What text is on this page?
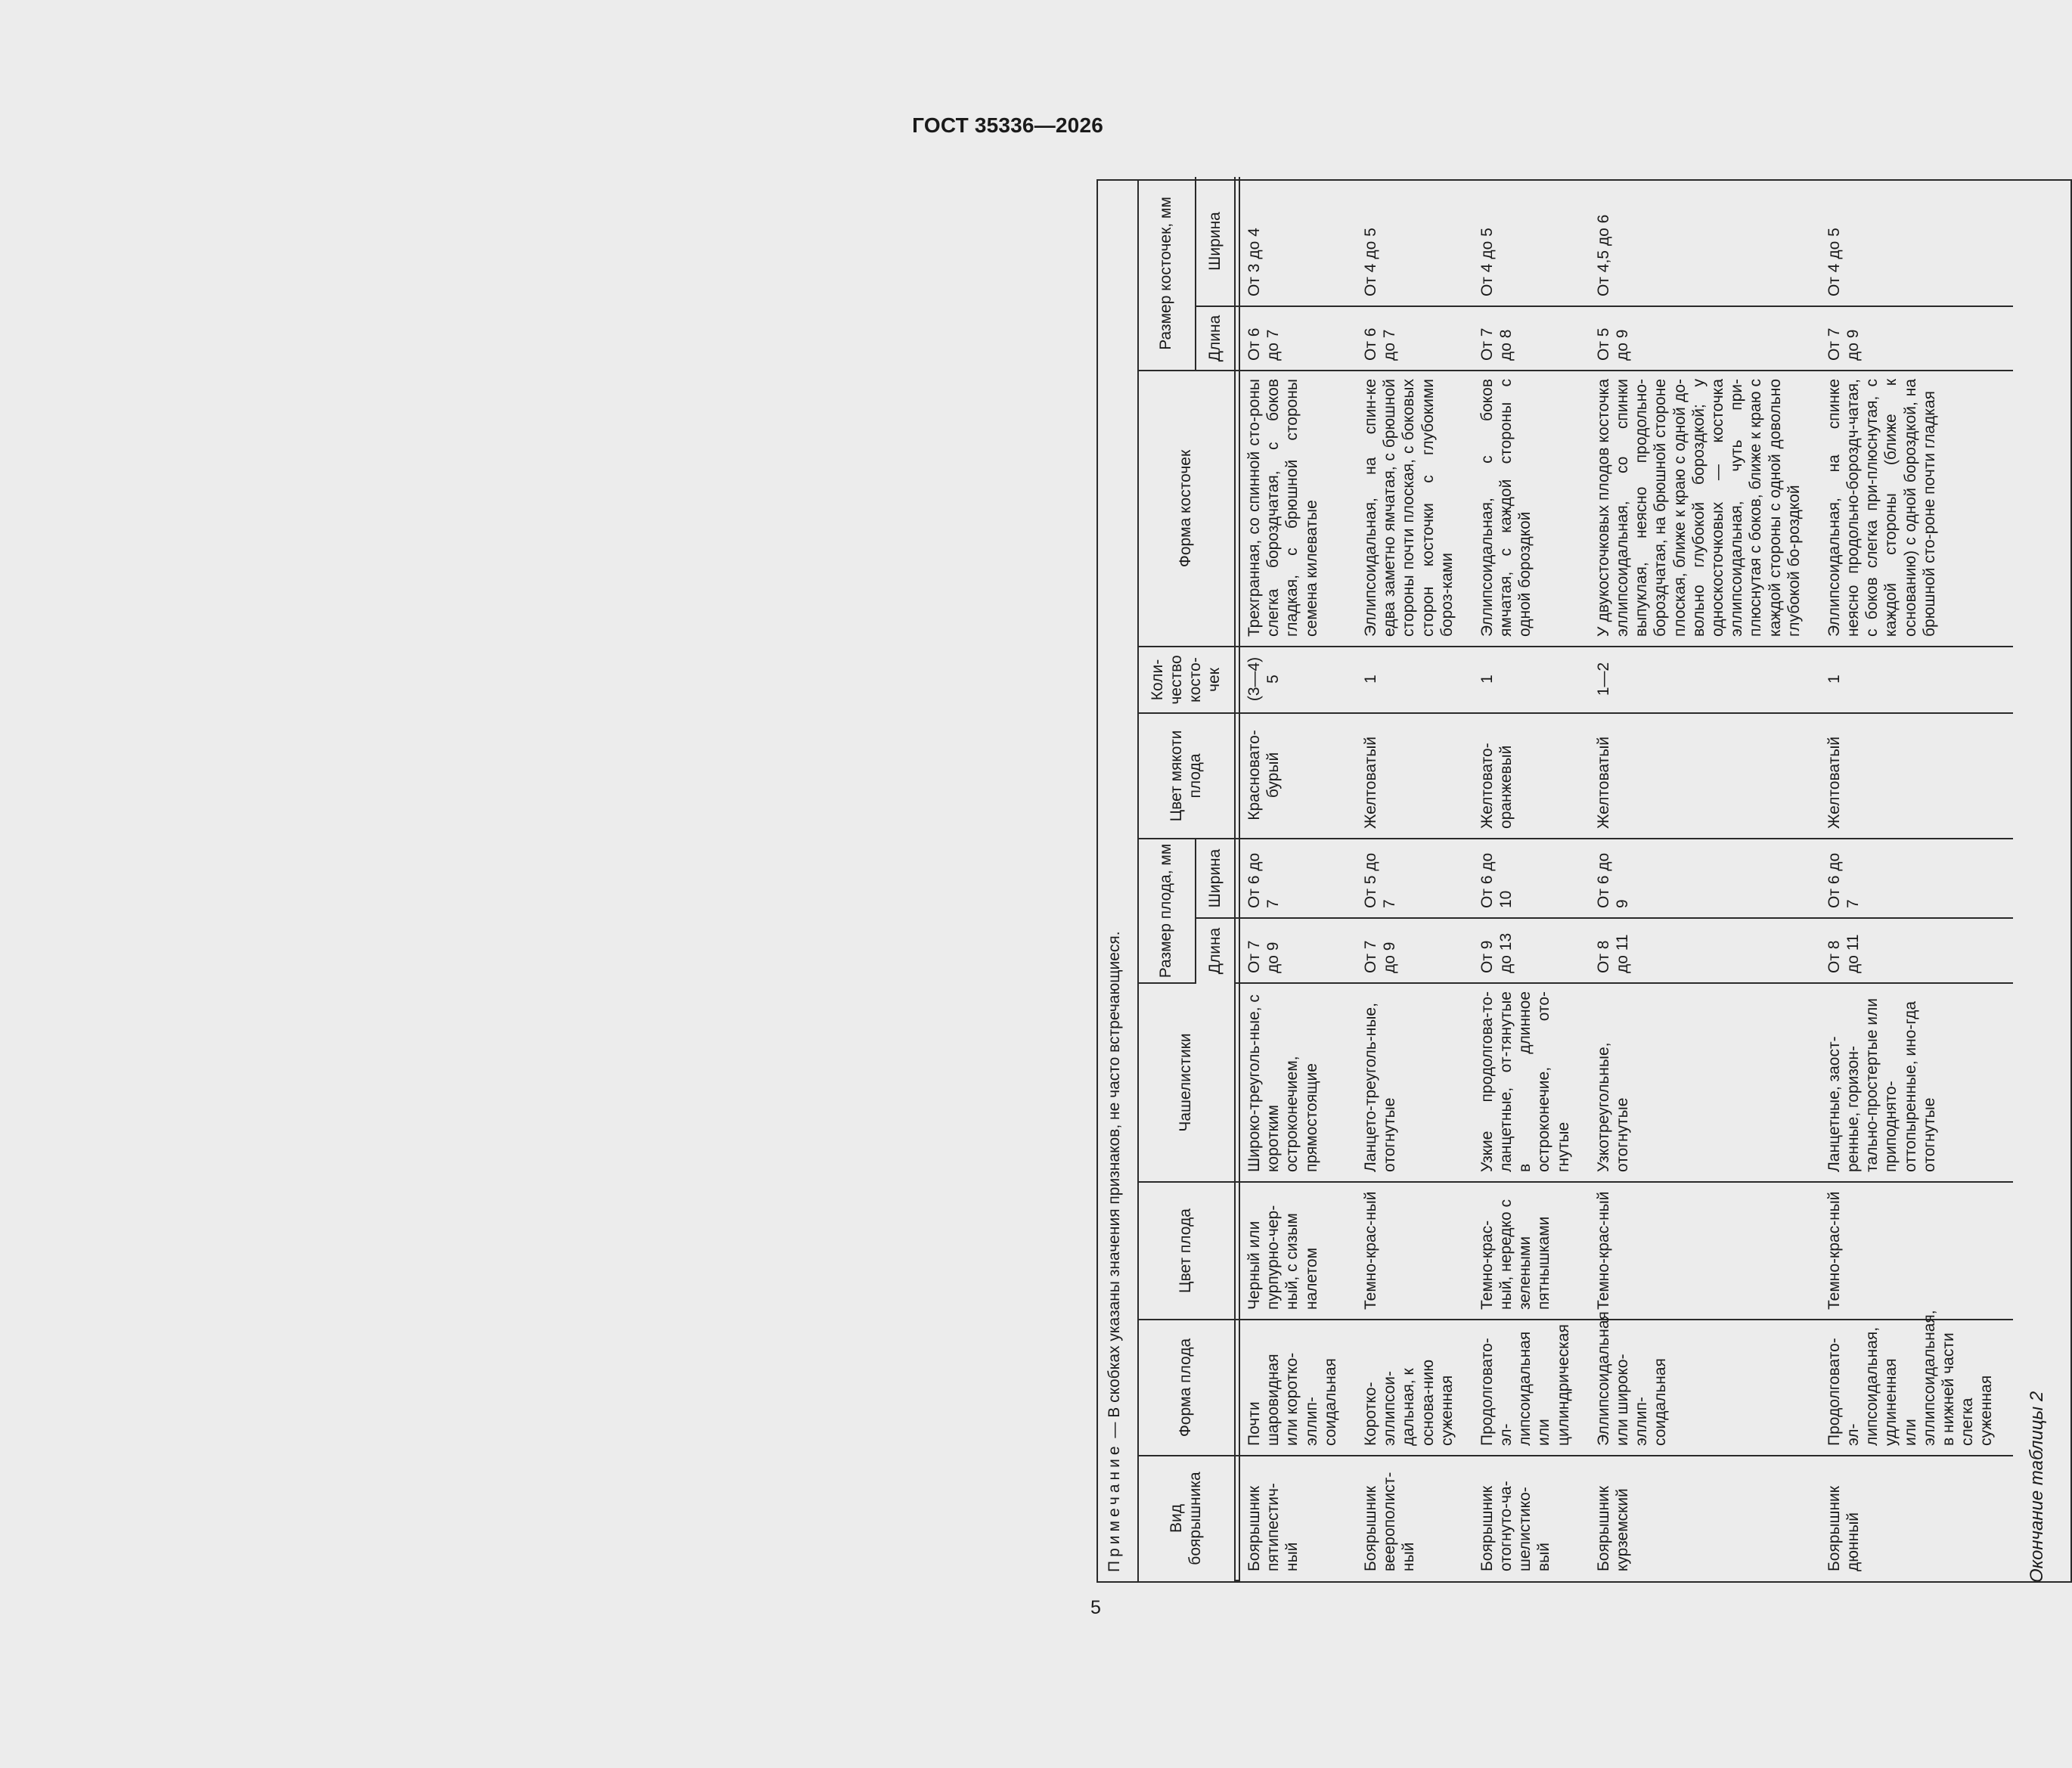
ГОСТ 35336—2026
Окончание таблицы 2
Примечание — В скобках указаны значения признаков, не часто встречающиеся.
Вид боярышника	Форма плода	Цвет плода	Чашелистики	Размер плода, мм		Цвет мякоти плода	Коли-чество косто-чек	Форма косточек	Размер косточек, мм	
				Длина	Ширина				Длина	Ширина

Боярышник пятипестич-ный	Почти шаровидная или коротко-эллип-соидальная	Черный или пурпурно-чер-ный, с сизым налетом	Широко-треуголь-ные, с коротким остроконечием, прямостоящие	От 7 до 9	От 6 до 7	Красновато-бурый	(3—4) 5	Трехгранная, со спинной сто-роны слегка бороздчатая, с боков гладкая, с брюшной стороны семена килеватые	От 6 до 7	От 3 до 4
Боярышник веерополист-ный	Коротко-эллипсои-дальная, к основа-нию суженная	Темно-крас-ный	Ланцето-треуголь-ные, отогнутые	От 7 до 9	От 5 до 7	Желтоватый	1	Эллипсоидальная, на спин-ке едва заметно ямчатая, с брюшной стороны почти плоская, с боковых сторон косточки с глубокими бороз-ками	От 6 до 7	От 4 до 5
Боярышник отогнуто-ча-шелистико-вый	Продолговато-эл-липсоидальная или цилиндрическая	Темно-крас-ный, нередко с зелеными пятнышками	Узкие продолгова-то-ланцетные, от-тянутые в длинное остроконечие, ото-гнутые	От 9 до 13	От 6 до 10	Желтовато-оранжевый	1	Эллипсоидальная, с боков ямчатая, с каждой стороны с одной бороздкой	От 7 до 8	От 4 до 5
Боярышник курземский	Эллипсоидальная или широко-эллип-соидальная	Темно-крас-ный	Узкотреугольные, отогнутые	От 8 до 11	От 6 до 9	Желтоватый	1—2	У двукосточковых плодов косточка эллипсоидальная, со спинки выпуклая, неясно продольно-бороздчатая, на брюшной стороне плоская, ближе к краю с одной до-вольно глубокой бороздкой; у односкосточковых — косточка эллипсоидальная, чуть при-плюснутая с боков, ближе к краю с каждой стороны с одной довольно глубокой бо-роздкой	От 5 до 9	От 4,5 до 6
Боярышник дюнный	Продолговато-эл-липсоидальная, удлиненная или эллипсоидальная, в нижней части слегка суженная	Темно-крас-ный	Ланцетные, заост-ренные, горизон-тально-простертые или приподнято-оттопыренные, ино-гда отогнутые	От 8 до 11	От 6 до 7	Желтоватый	1	Эллипсоидальная, на спинке неясно продольно-бороздч-чатая, с боков слегка при-плюснутая, с каждой стороны (ближе к основанию) с одной бороздкой, на брюшной сто-роне почти гладкая	От 7 до 9	От 4 до 5
5
